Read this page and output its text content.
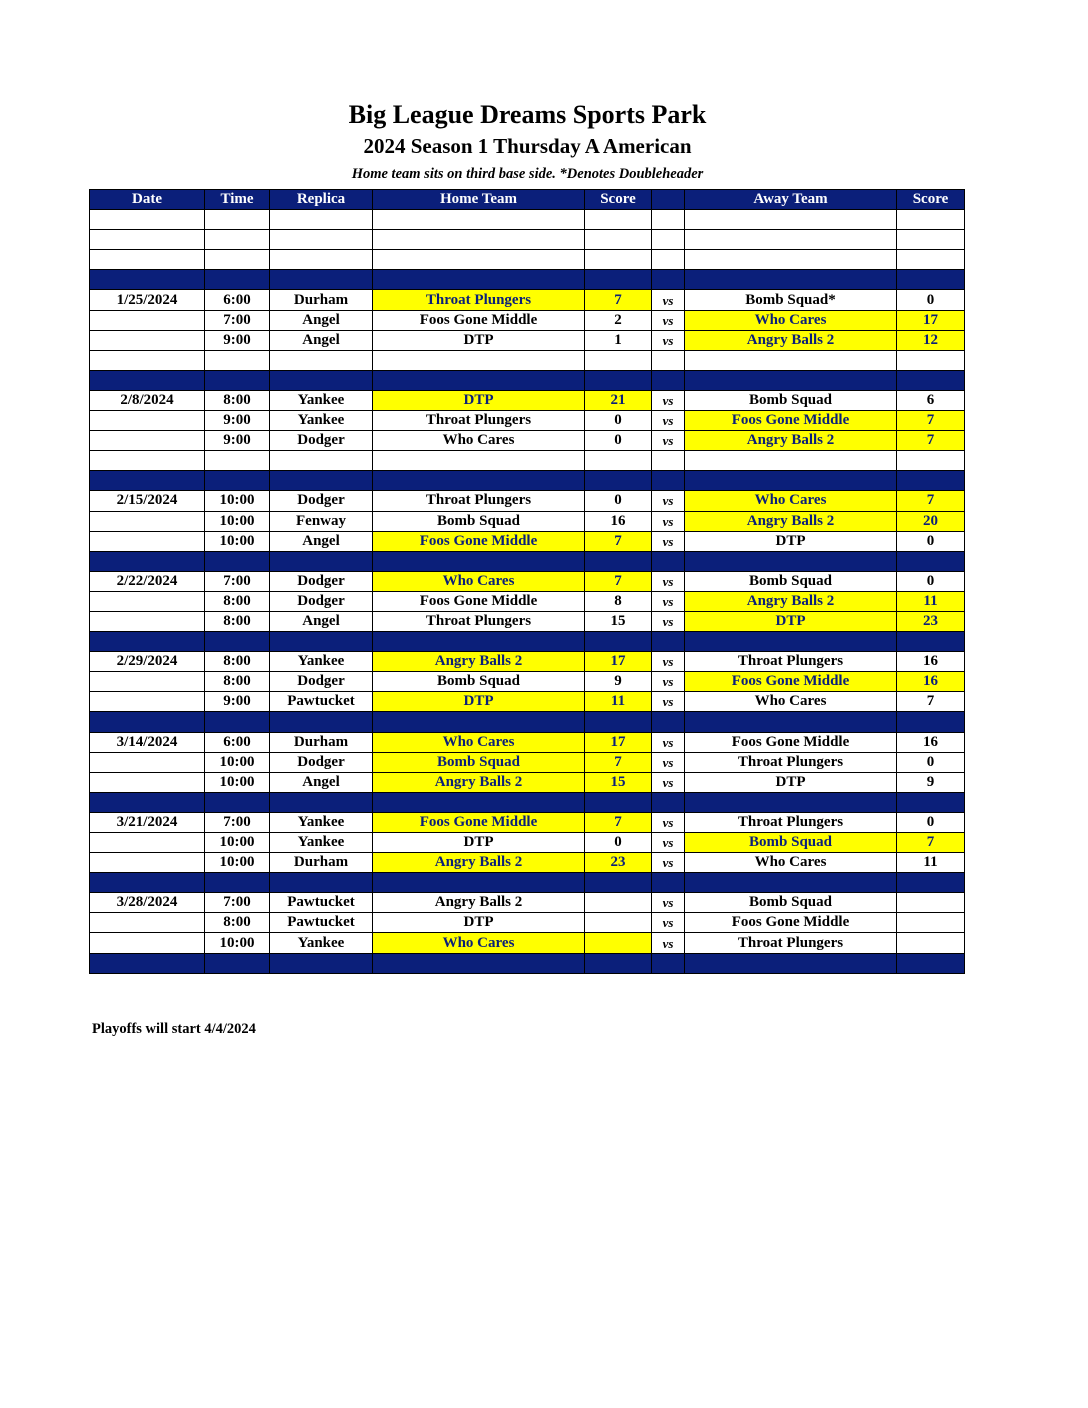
Big League Dreams Sports Park
2024 Season 1 Thursday A American
Home team sits on third base side. *Denotes Doubleheader
Date	Time	Replica	Home Team	Score		Away Team	Score

1/25/2024	6:00	Durham	Throat Plungers	7	vs	Bomb Squad*	0
	7:00	Angel	Foos Gone Middle	2	vs	Who Cares	17
	9:00	Angel	DTP	1	vs	Angry Balls 2	12

2/8/2024	8:00	Yankee	DTP	21	vs	Bomb Squad	6
	9:00	Yankee	Throat Plungers	0	vs	Foos Gone Middle	7
	9:00	Dodger	Who Cares	0	vs	Angry Balls 2	7

2/15/2024	10:00	Dodger	Throat Plungers	0	vs	Who Cares	7
	10:00	Fenway	Bomb Squad	16	vs	Angry Balls 2	20
	10:00	Angel	Foos Gone Middle	7	vs	DTP	0

2/22/2024	7:00	Dodger	Who Cares	7	vs	Bomb Squad	0
	8:00	Dodger	Foos Gone Middle	8	vs	Angry Balls 2	11
	8:00	Angel	Throat Plungers	15	vs	DTP	23

2/29/2024	8:00	Yankee	Angry Balls 2	17	vs	Throat Plungers	16
	8:00	Dodger	Bomb Squad	9	vs	Foos Gone Middle	16
	9:00	Pawtucket	DTP	11	vs	Who Cares	7

3/14/2024	6:00	Durham	Who Cares	17	vs	Foos Gone Middle	16
	10:00	Dodger	Bomb Squad	7	vs	Throat Plungers	0
	10:00	Angel	Angry Balls 2	15	vs	DTP	9

3/21/2024	7:00	Yankee	Foos Gone Middle	7	vs	Throat Plungers	0
	10:00	Yankee	DTP	0	vs	Bomb Squad	7
	10:00	Durham	Angry Balls 2	23	vs	Who Cares	11

3/28/2024	7:00	Pawtucket	Angry Balls 2		vs	Bomb Squad	
	8:00	Pawtucket	DTP		vs	Foos Gone Middle	
	10:00	Yankee	Who Cares		vs	Throat Plungers	

Playoffs will start 4/4/2024
